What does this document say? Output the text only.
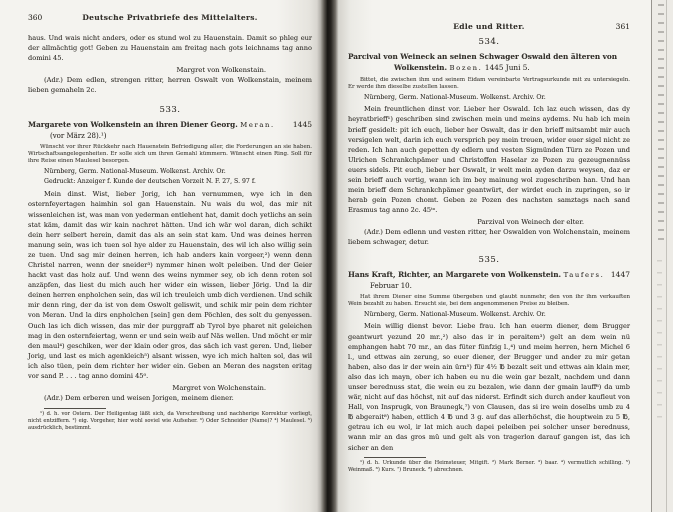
360	Deutsche Privatbriefe des Mittelalters.

haus. Und wais nicht anders, oder es stund wol zu Hauenstain. Damit so phleg eur der allmächtig got! Geben zu Hauenstain am freitag nach gots leichnams tag anno domini 45.

Margret von Wolkenstain.

(Adr.) Dem edlen, strengen ritter, herren Oswalt von Wolkenstain, meinem lieben gemaheln 2c.

533.

Margarete von Wolkenstein an ihren Diener Georg. Meran. 1445

(vor März 28).¹)

Wünscht vor ihrer Rückkehr nach Hauenstein Befriedigung aller, die Forderungen an sie haben. Wirtschaftsangelegenheiten. Er solle sich um ihren Gemahl kümmern. Wünscht einen Ring. Soll für ihre Reise einen Maulesel besorgen.

Nürnberg, Germ. National-Museum. Wolkenst. Archiv. Or.
Gedruckt: Anzeiger f. Kunde der deutschen Vorzeit N. F. 27, S. 97 f.

Mein dinst. Wist, lieber Jorig, ich han vernummen, wye ich in den osternfeyertagen haimhin sol gan Hauenstain. Nu wais du wol, das mir nit wissenleichen ist, was man von yederman entlehent hat, damit doch yetlichs an sein stat käm, damit das wir kain nachret hätten. Und ich wär wol daran, dich schikt dein herr selbert herein, damit das als an sein stat kam. Und was deines herren manung sein, was ich tuen sol hye alder zu Hauenstain, des wil ich also willig sein ze tuen. Und sag mir deinen herren, ich hab anders kain vorgeer,²) wenn denn Christel narren, wenn der sneider³) nymmer hinen wolt peleiben. Und der Geier hackt vast das holz auf. Und wenn des weins nymmer sey, ob ich denn roten sol anzäpfen, das liest du mich auch her wider ein wissen, lieber Jörig. Und la dir deinen herren enpholchen sein, das wil ich treuleich umb dich verdienen. Und schik mir denn ring, der da ist von dem Oswolt geliswit, und schik mir pein dem richter von Meran. Und la dirs enpholchen [sein] gen dem Pöchlen, des solt du genyessen. Ouch las ich dich wissen, das mir der purggraff ab Tyrol bye pharet nit geleichen mag in den osternfeiertag, wenn er und sein weib auf Näs wellen. Und möcht er mir den maul⁴) geschiken, wer der klain oder gros, das säch ich vast geren. Und, lieber Jorig, und last es mich agenkleich⁵) alsant wissen, wye ich mich halten sol, das wil ich also tüen, pein dem richter her wider ein. Geben an Meran des nagsten eritag vor sand P. . . . tag anno domini 45⁰.

Margret von Wolchenstain.

(Adr.) Dem erberen und weisen Jorigen, meinem diener.

¹) d. h. vor Ostern. Der Heiligentag läßt sich, da Verschreibung und nachherige Korrektur vorliegt, nicht entziffern. ²) eig. Vorgeher, hier wohl soviel wie Aufseher. ³) Oder Schneider (Name)? ⁴) Maulesel. ⁵) ausdrücklich, bestimmt.

Edle und Ritter.	361
534.

Parcival von Weineck an seinen Schwager Oswald den älteren von

Wolkenstein. Bozen. 1445 Juni 5.

Bittet, die zwischen ihm und seinem Eidam vereinbarte Vertragsurkunde mit zu untersiegeln. Er werde ihm dieselbe zustellen lassen.

Nürnberg, Germ. National-Museum. Wolkenst. Archiv. Or.

Mein freuntlichen dinst vor. Lieber her Oswald. Ich laz euch wissen, das dy heyratbrieff¹) geschriben sind zwischen mein und meins aydems. Nu hab ich mein brieff gesidelt: pit ich euch, lieber her Oswalt, das ir den brieff mitsambt mir auch versigelen welt, darin ich euch versprich pey mein treuen, wider euer sigel nicht ze reden. Ich han auch gepetten dy edlern und vesten Sigmünden Türn ze Pozen und Ulrichen Schrankchpämer und Christoffen Haselar ze Pozen zu gezeugnennüss euers sidels. Pit euch, lieber her Oswalt, ir welt mein ayden darzu weysen, daz er sein brieff auch vertig, wann ich im bey mainung wol zugeschriben han. Und han mein brieff dem Schrankchpämer geantwürt, der wirdet euch in zupringen, so ir herab gein Pozen chomt. Geben ze Pozen des nachsten samztags nach sand Erasmus tag anno 2c. 45ᵗᵒ.

Parzival von Weinech der elter.

(Adr.) Dem edlenn und vesten ritter, her Oswalden von Wolchenstain, meinem liebem schwager, detur.

535.

Hans Kraft, Richter, an Margarete von Wolkenstein. Taufers. 1447

Februar 10.

Hat ihrem Diener eine Summe übergeben und glaubt nunmehr, den von ihr ihm verkauften Wein bezahlt zu haben. Ersucht sie, bei dem angenommenen Preise zu bleiben.

Nürnberg, Germ. National-Museum. Wolkenst. Archiv. Or.

Mein willig dienst bevor. Liebe frau. Ich han euerm diener, dem Brugger geantwurt yezund 20 mr.,²) also das ir in peraitem³) gelt an dem wein nü emphangen habt 70 mr., an das füter fünfzig l.,⁴) und meim herren, hern Michel 6 l., und ettwas ain zerung, so euer diener, der Brugger und ander zu mir getan haben, also das ir der wein ain ürn⁵) für 4½ ℔ bezalt seit und ettwas ain klain mer, also das ich mayn, ober ich haben eu nu die wein gar bezalt, nachdem und dann unser berednuss stat, die wein eu zu bezalen, wie dann der gmain lauff⁶) da umb wär, nicht auf das höchst, nit auf das niderst. Erfindt sich durch ander kaufleut von Hall, von Insprugk, von Braunegk,⁷) von Clausen, das si ire wein doselbs umb zu 4 ℔ abgerait⁸) haben, ettlich 4 ℔ und 3 g. auf das allerhöchst, die houptwein zu 5 ℔, getrau ich eu wol, ir lat mich auch dapei peleiben pei solcher unser berednuss, wann mir an das gros mü und gelt als von tragerlon darauf gangen ist, das ich sicher an den

¹) d. h. Urkunde über die Heimsteuer, Mitgift. ²) Mark Berner. ³) baar. ⁴) vermutlich schilling. ⁵) Weinmaß. ⁶) Kurs. ⁷) Bruneck. ⁸) abrechnen.
